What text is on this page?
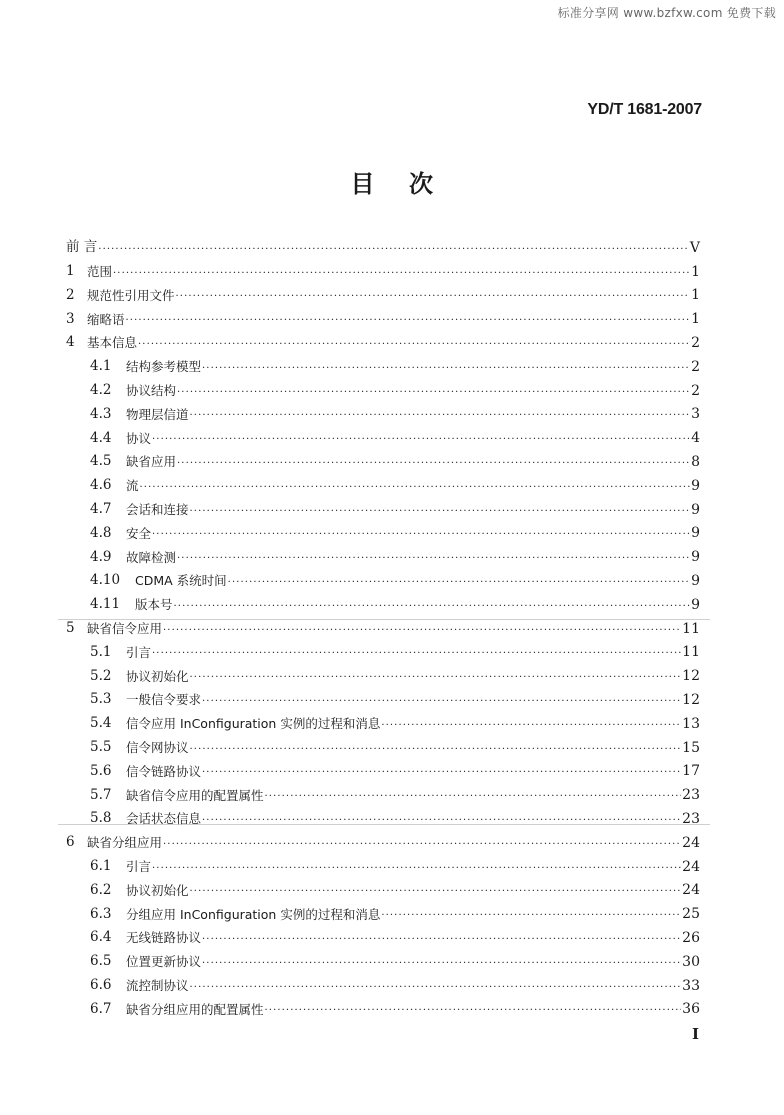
标准分享网 www.bzfxw.com 免费下载
YD/T 1681-2007
目 次
前 言 ·····	V
1 范围 ·····	1
2 规范性引用文件 ·····	1
3 缩略语 ·····	1
4 基本信息 ·····	2
4.1	结构参考模型 ·····	2
4.2	协议结构 ·····	2
4.3	物理层信道 ·····	3
4.4	协议 ·····	4
4.5	缺省应用 ·····	8
4.6	流 ·····	9
4.7	会话和连接 ·····	9
4.8	安全 ·····	9
4.9	故障检测 ·····	9
4.10	CDMA 系统时间 ·····	9
4.11	版本号 ·····	9
5 缺省信令应用 ·····	11
5.1	引言 ·····	11
5.2	协议初始化 ·····	12
5.3	一般信令要求 ·····	12
5.4	信令应用 InConfiguration 实例的过程和消息 ·····	13
5.5	信令网协议 ·····	15
5.6	信令链路协议 ·····	17
5.7	缺省信令应用的配置属性 ·····	23
5.8	会话状态信息 ·····	23
6 缺省分组应用 ·····	24
6.1	引言 ·····	24
6.2	协议初始化 ·····	24
6.3	分组应用 InConfiguration 实例的过程和消息 ·····	25
6.4	无线链路协议 ·····	26
6.5	位置更新协议 ·····	30
6.6	流控制协议 ·····	33
6.7	缺省分组应用的配置属性 ·····	36
I
